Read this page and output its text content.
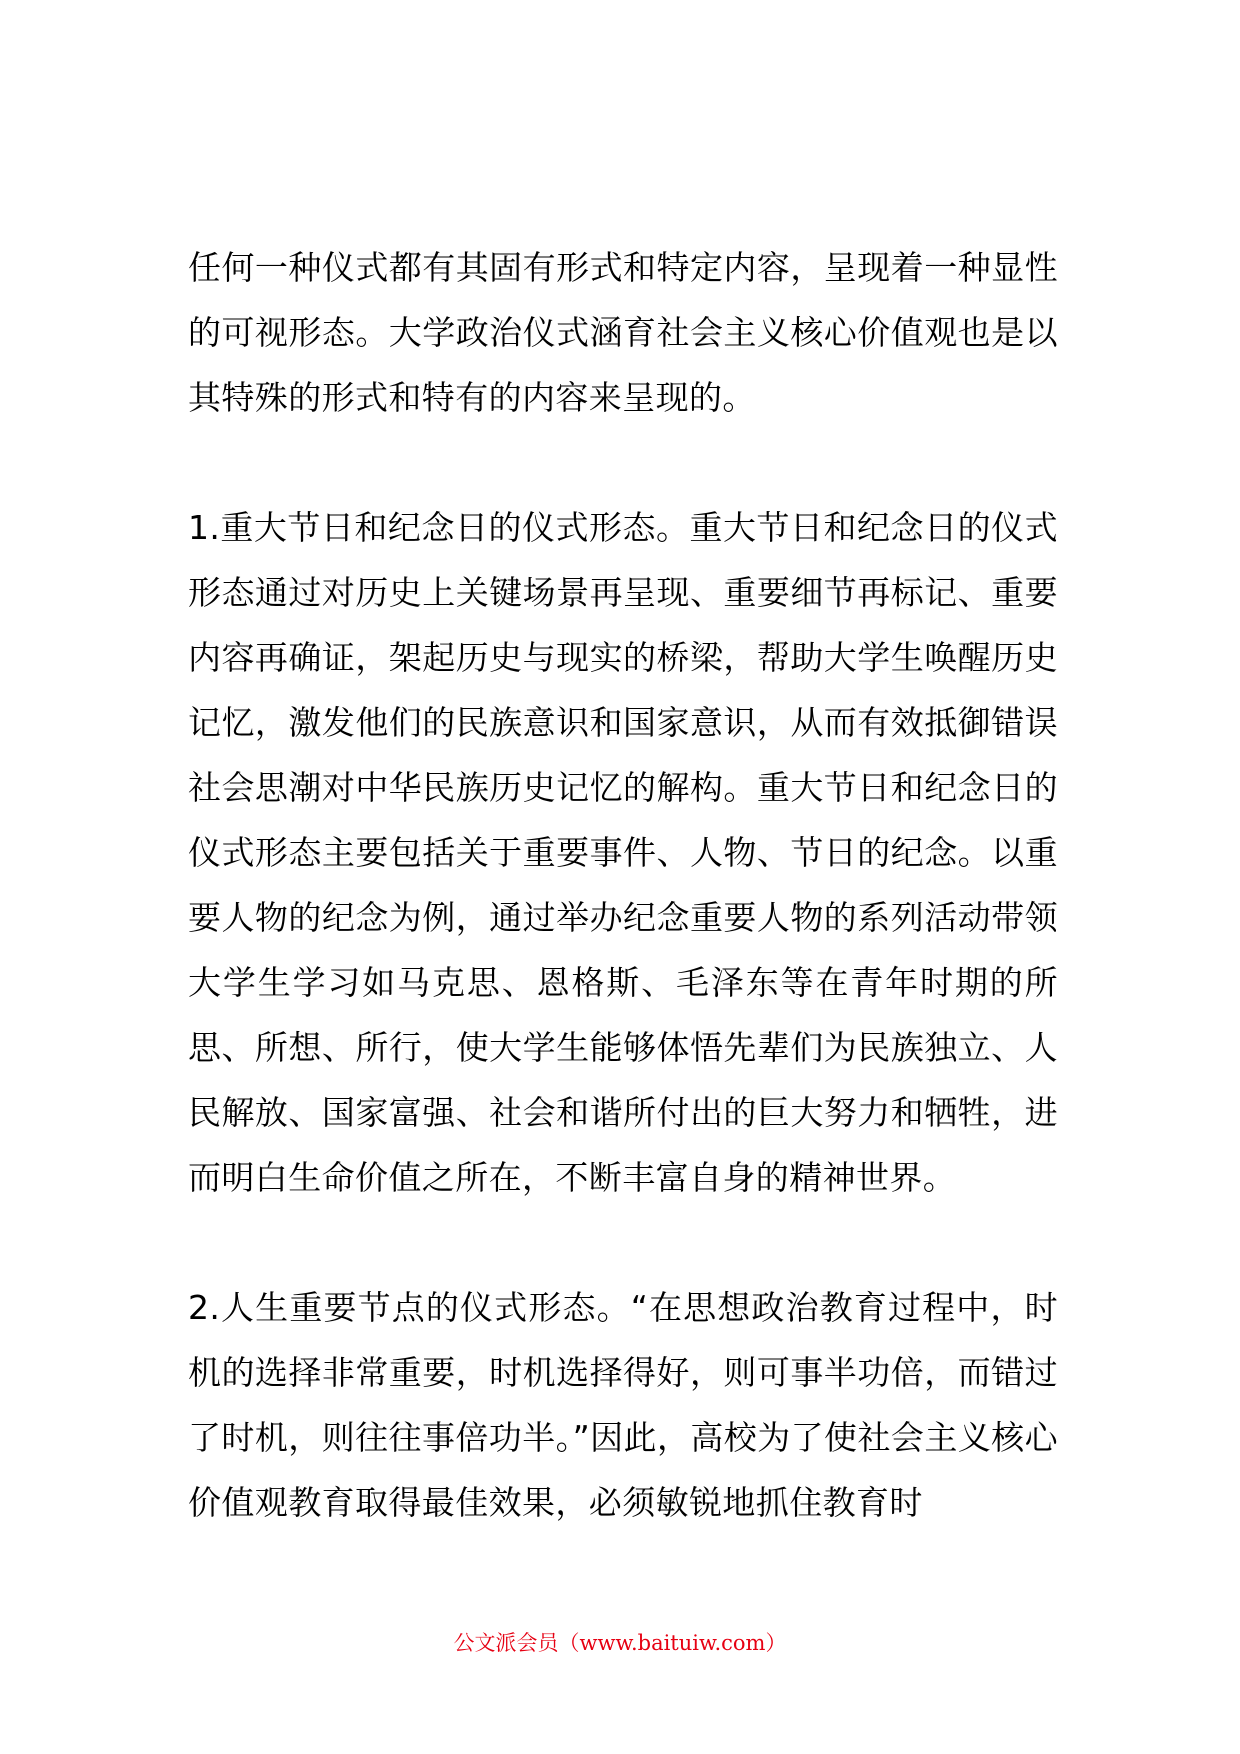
任何一种仪式都有其固有形式和特定内容，呈现着一种显性的可视形态。大学政治仪式涵育社会主义核心价值观也是以其特殊的形式和特有的内容来呈现的。

1.重大节日和纪念日的仪式形态。重大节日和纪念日的仪式形态通过对历史上关键场景再呈现、重要细节再标记、重要内容再确证，架起历史与现实的桥梁，帮助大学生唤醒历史记忆，激发他们的民族意识和国家意识，从而有效抵御错误社会思潮对中华民族历史记忆的解构。重大节日和纪念日的仪式形态主要包括关于重要事件、人物、节日的纪念。以重要人物的纪念为例，通过举办纪念重要人物的系列活动带领大学生学习如马克思、恩格斯、毛泽东等在青年时期的所思、所想、所行，使大学生能够体悟先辈们为民族独立、人民解放、国家富强、社会和谐所付出的巨大努力和牺牲，进而明白生命价值之所在，不断丰富自身的精神世界。

2.人生重要节点的仪式形态。“在思想政治教育过程中，时机的选择非常重要，时机选择得好，则可事半功倍，而错过了时机，则往往事倍功半。”因此，高校为了使社会主义核心价值观教育取得最佳效果，必须敏锐地抓住教育时

公文派会员（www.baituiw.com）
